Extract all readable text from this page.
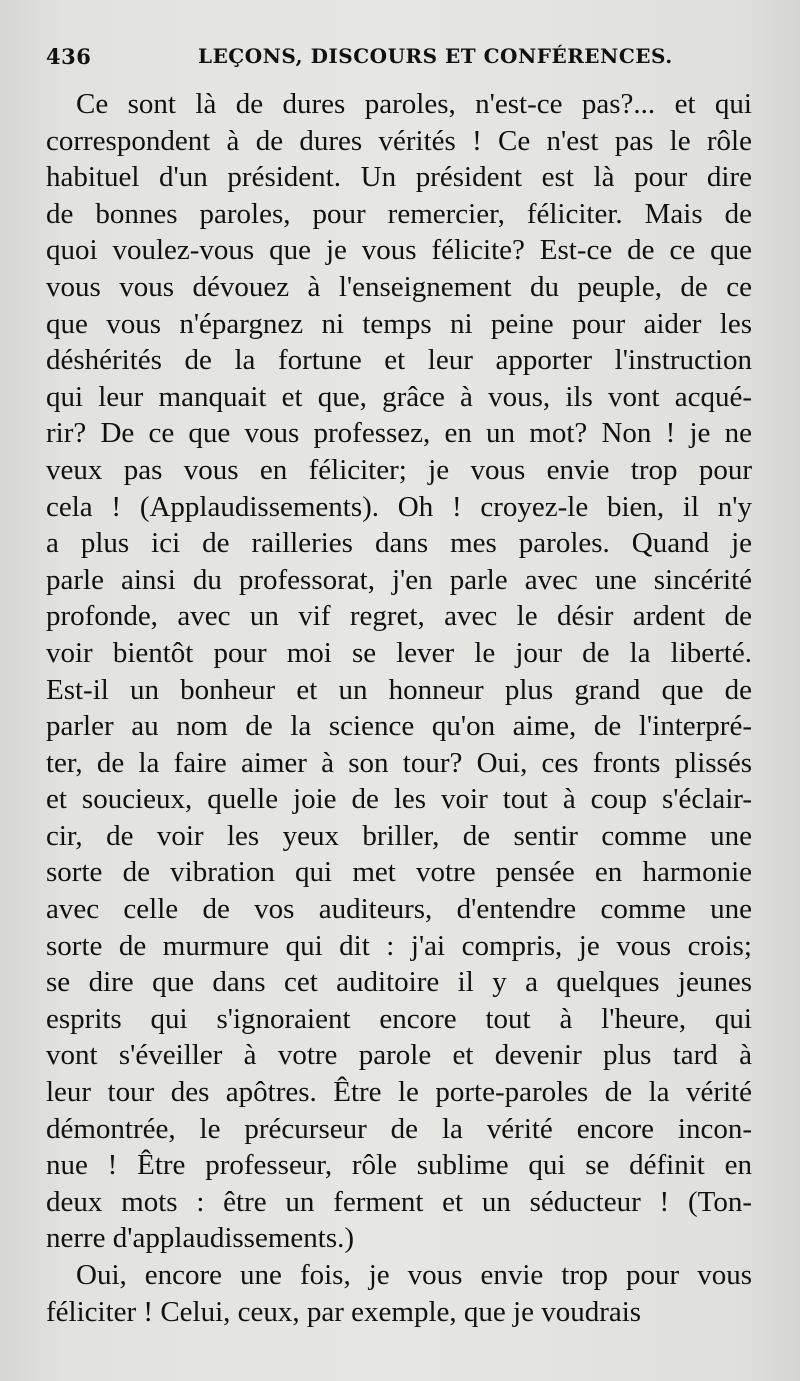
436	LEÇONS, DISCOURS ET CONFÉRENCES.
Ce sont là de dures paroles, n'est-ce pas?... et qui
correspondent à de dures vérités ! Ce n'est pas le rôle
habituel d'un président. Un président est là pour dire
de bonnes paroles, pour remercier, féliciter. Mais de
quoi voulez-vous que je vous félicite? Est-ce de ce que
vous vous dévouez à l'enseignement du peuple, de ce
que vous n'épargnez ni temps ni peine pour aider les
déshérités de la fortune et leur apporter l'instruction
qui leur manquait et que, grâce à vous, ils vont acqué-
rir? De ce que vous professez, en un mot? Non ! je ne
veux pas vous en féliciter; je vous envie trop pour
cela ! (Applaudissements). Oh ! croyez-le bien, il n'y
a plus ici de railleries dans mes paroles. Quand je
parle ainsi du professorat, j'en parle avec une sincérité
profonde, avec un vif regret, avec le désir ardent de
voir bientôt pour moi se lever le jour de la liberté.
Est-il un bonheur et un honneur plus grand que de
parler au nom de la science qu'on aime, de l'interpré-
ter, de la faire aimer à son tour? Oui, ces fronts plissés
et soucieux, quelle joie de les voir tout à coup s'éclair-
cir, de voir les yeux briller, de sentir comme une
sorte de vibration qui met votre pensée en harmonie
avec celle de vos auditeurs, d'entendre comme une
sorte de murmure qui dit : j'ai compris, je vous crois;
se dire que dans cet auditoire il y a quelques jeunes
esprits qui s'ignoraient encore tout à l'heure, qui
vont s'éveiller à votre parole et devenir plus tard à
leur tour des apôtres. Être le porte-paroles de la vérité
démontrée, le précurseur de la vérité encore incon-
nue ! Être professeur, rôle sublime qui se définit en
deux mots : être un ferment et un séducteur ! (Ton-
nerre d'applaudissements.)
Oui, encore une fois, je vous envie trop pour vous
féliciter ! Celui, ceux, par exemple, que je voudrais
